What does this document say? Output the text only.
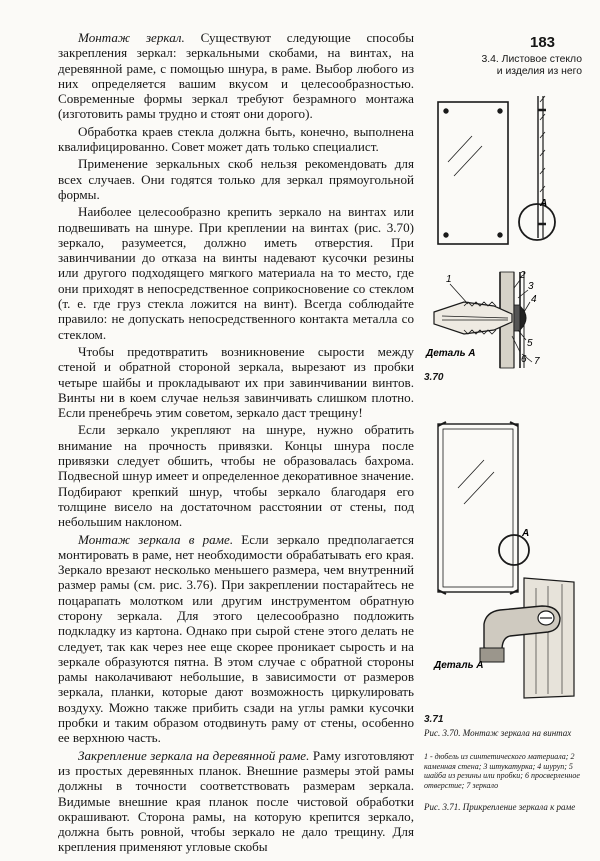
183
3.4. Листовое стекло
и изделия из него

Монтаж зеркал. Существуют следующие способы закрепления зеркал: зеркальными скобами, на винтах, на деревянной раме, с помощью шнура, в раме. Выбор любого из них определяется вашим вкусом и целесообразностью. Современные формы зеркал требуют безрамного монтажа (изготовить рамы трудно и стоят они дорого).

Обработка краев стекла должна быть, конечно, выполнена квалифицированно. Совет может дать только специалист.

Применение зеркальных скоб нельзя рекомендовать для всех случаев. Они годятся только для зеркал прямоугольной формы.

Наиболее целесообразно крепить зеркало на винтах или подвешивать на шнуре. При креплении на винтах (рис. 3.70) зеркало, разумеется, должно иметь отверстия. При завинчивании до отказа на винты надевают кусочки резины или другого подходящего мягкого материала на то место, где они приходят в непосредственное соприкосновение со стеклом (т. е. где груз стекла ложится на винт). Всегда соблюдайте правило: не допускать непосредственного контакта металла со стеклом.

Чтобы предотвратить возникновение сырости между стеной и обратной стороной зеркала, вырезают из пробки четыре шайбы и прокладывают их при завинчивании винтов. Винты ни в коем случае нельзя завинчивать слишком плотно. Если пренебречь этим советом, зеркало даст трещину!

Если зеркало укрепляют на шнуре, нужно обратить внимание на прочность привязки. Концы шнура после привязки следует обшить, чтобы не образовалась бахрома. Подвесной шнур имеет и определенное декоративное значение. Подбирают крепкий шнур, чтобы зеркало благодаря его толщине висело на достаточном расстоянии от стены, под небольшим наклоном.

Монтаж зеркала в раме. Если зеркало предполагается монтировать в раме, нет необходимости обрабатывать его края. Зеркало врезают несколько меньшего размера, чем внутренний размер рамы (см. рис. 3.76). При закреплении постарайтесь не поцарапать молотком или другим инструментом обратную сторону зеркала. Для этого целесообразно подложить подкладку из картона. Однако при сырой стене этого делать не следует, так как через нее еще скорее проникает сырость и на зеркале образуются пятна. В этом случае с обратной стороны рамы наколачивают небольшие, в зависимости от размеров зеркала, планки, которые дают возможность циркулировать воздуху. Можно также прибить сзади на углы рамки кусочки пробки и таким образом отодвинуть раму от стены, особенно ее верхнюю часть.

Закрепление зеркала на деревянной раме. Раму изготовляют из простых деревянных планок. Внешние размеры этой рамы должны в точности соответствовать размерам зеркала. Видимые внешние края планок после чистовой обработки окрашивают. Сторона рамы, на которую крепится зеркало, должна быть ровной, чтобы зеркало не дало трещину. Для крепления применяют угловые скобы

А
1	2
3
4
5
6 7
Деталь А
3.70
А
Деталь А
3.71
Рис. 3.70. Монтаж зеркала на винтах
1 - дюбель из синтетического материала; 2 каменная стена; 3 штукатурка; 4 шуруп; 5 шайба из резины или пробки; 6 просверленное отверстие; 7 зеркало
Рис. 3.71. Прикрепление зеркала к раме
